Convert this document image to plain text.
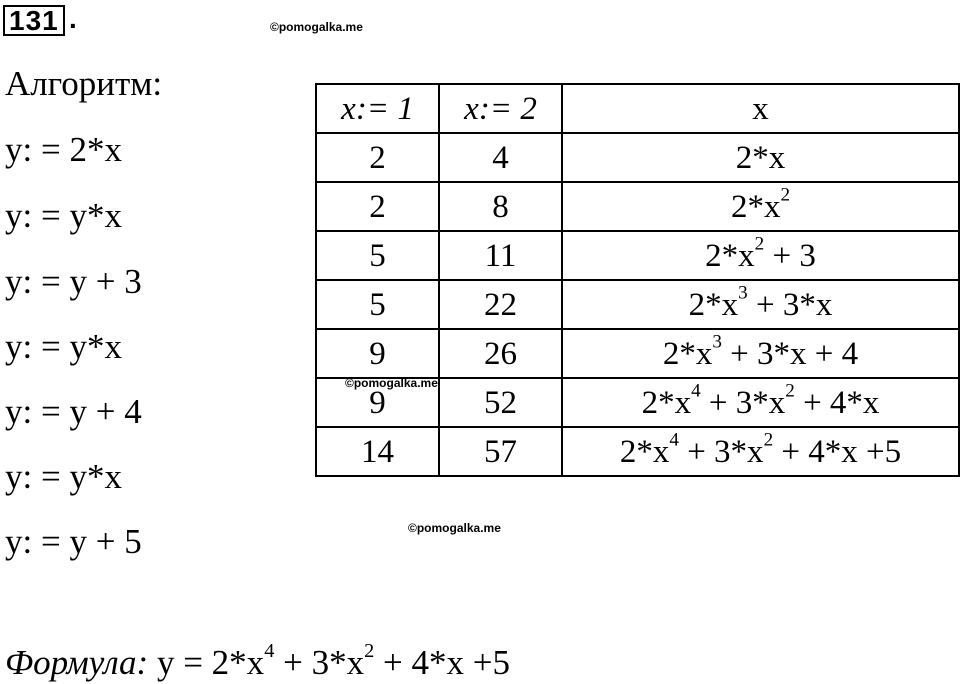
131 .	©pomogalka.me
©pomogalka.me
©pomogalka.me
Алгоритм:
y: = 2*x
y: = y*x
y: = y + 3
y: = y*x
y: = y + 4
y: = y*x
y: = y + 5
x:= 1	x:= 2	x
2	4	2*x
2	8	$2*x^2$
5	11	$2*x^2 + 3$
5	22	$2*x^3 + 3*x$
9	26	$2*x^3 + 3*x + 4$
9	52	$2*x^4 + 3*x^2 + 4*x$
14	57	$2*x^4 + 3*x^2 + 4*x +5$
Формула: $y = 2*x^4 + 3*x^2 + 4*x +5$
